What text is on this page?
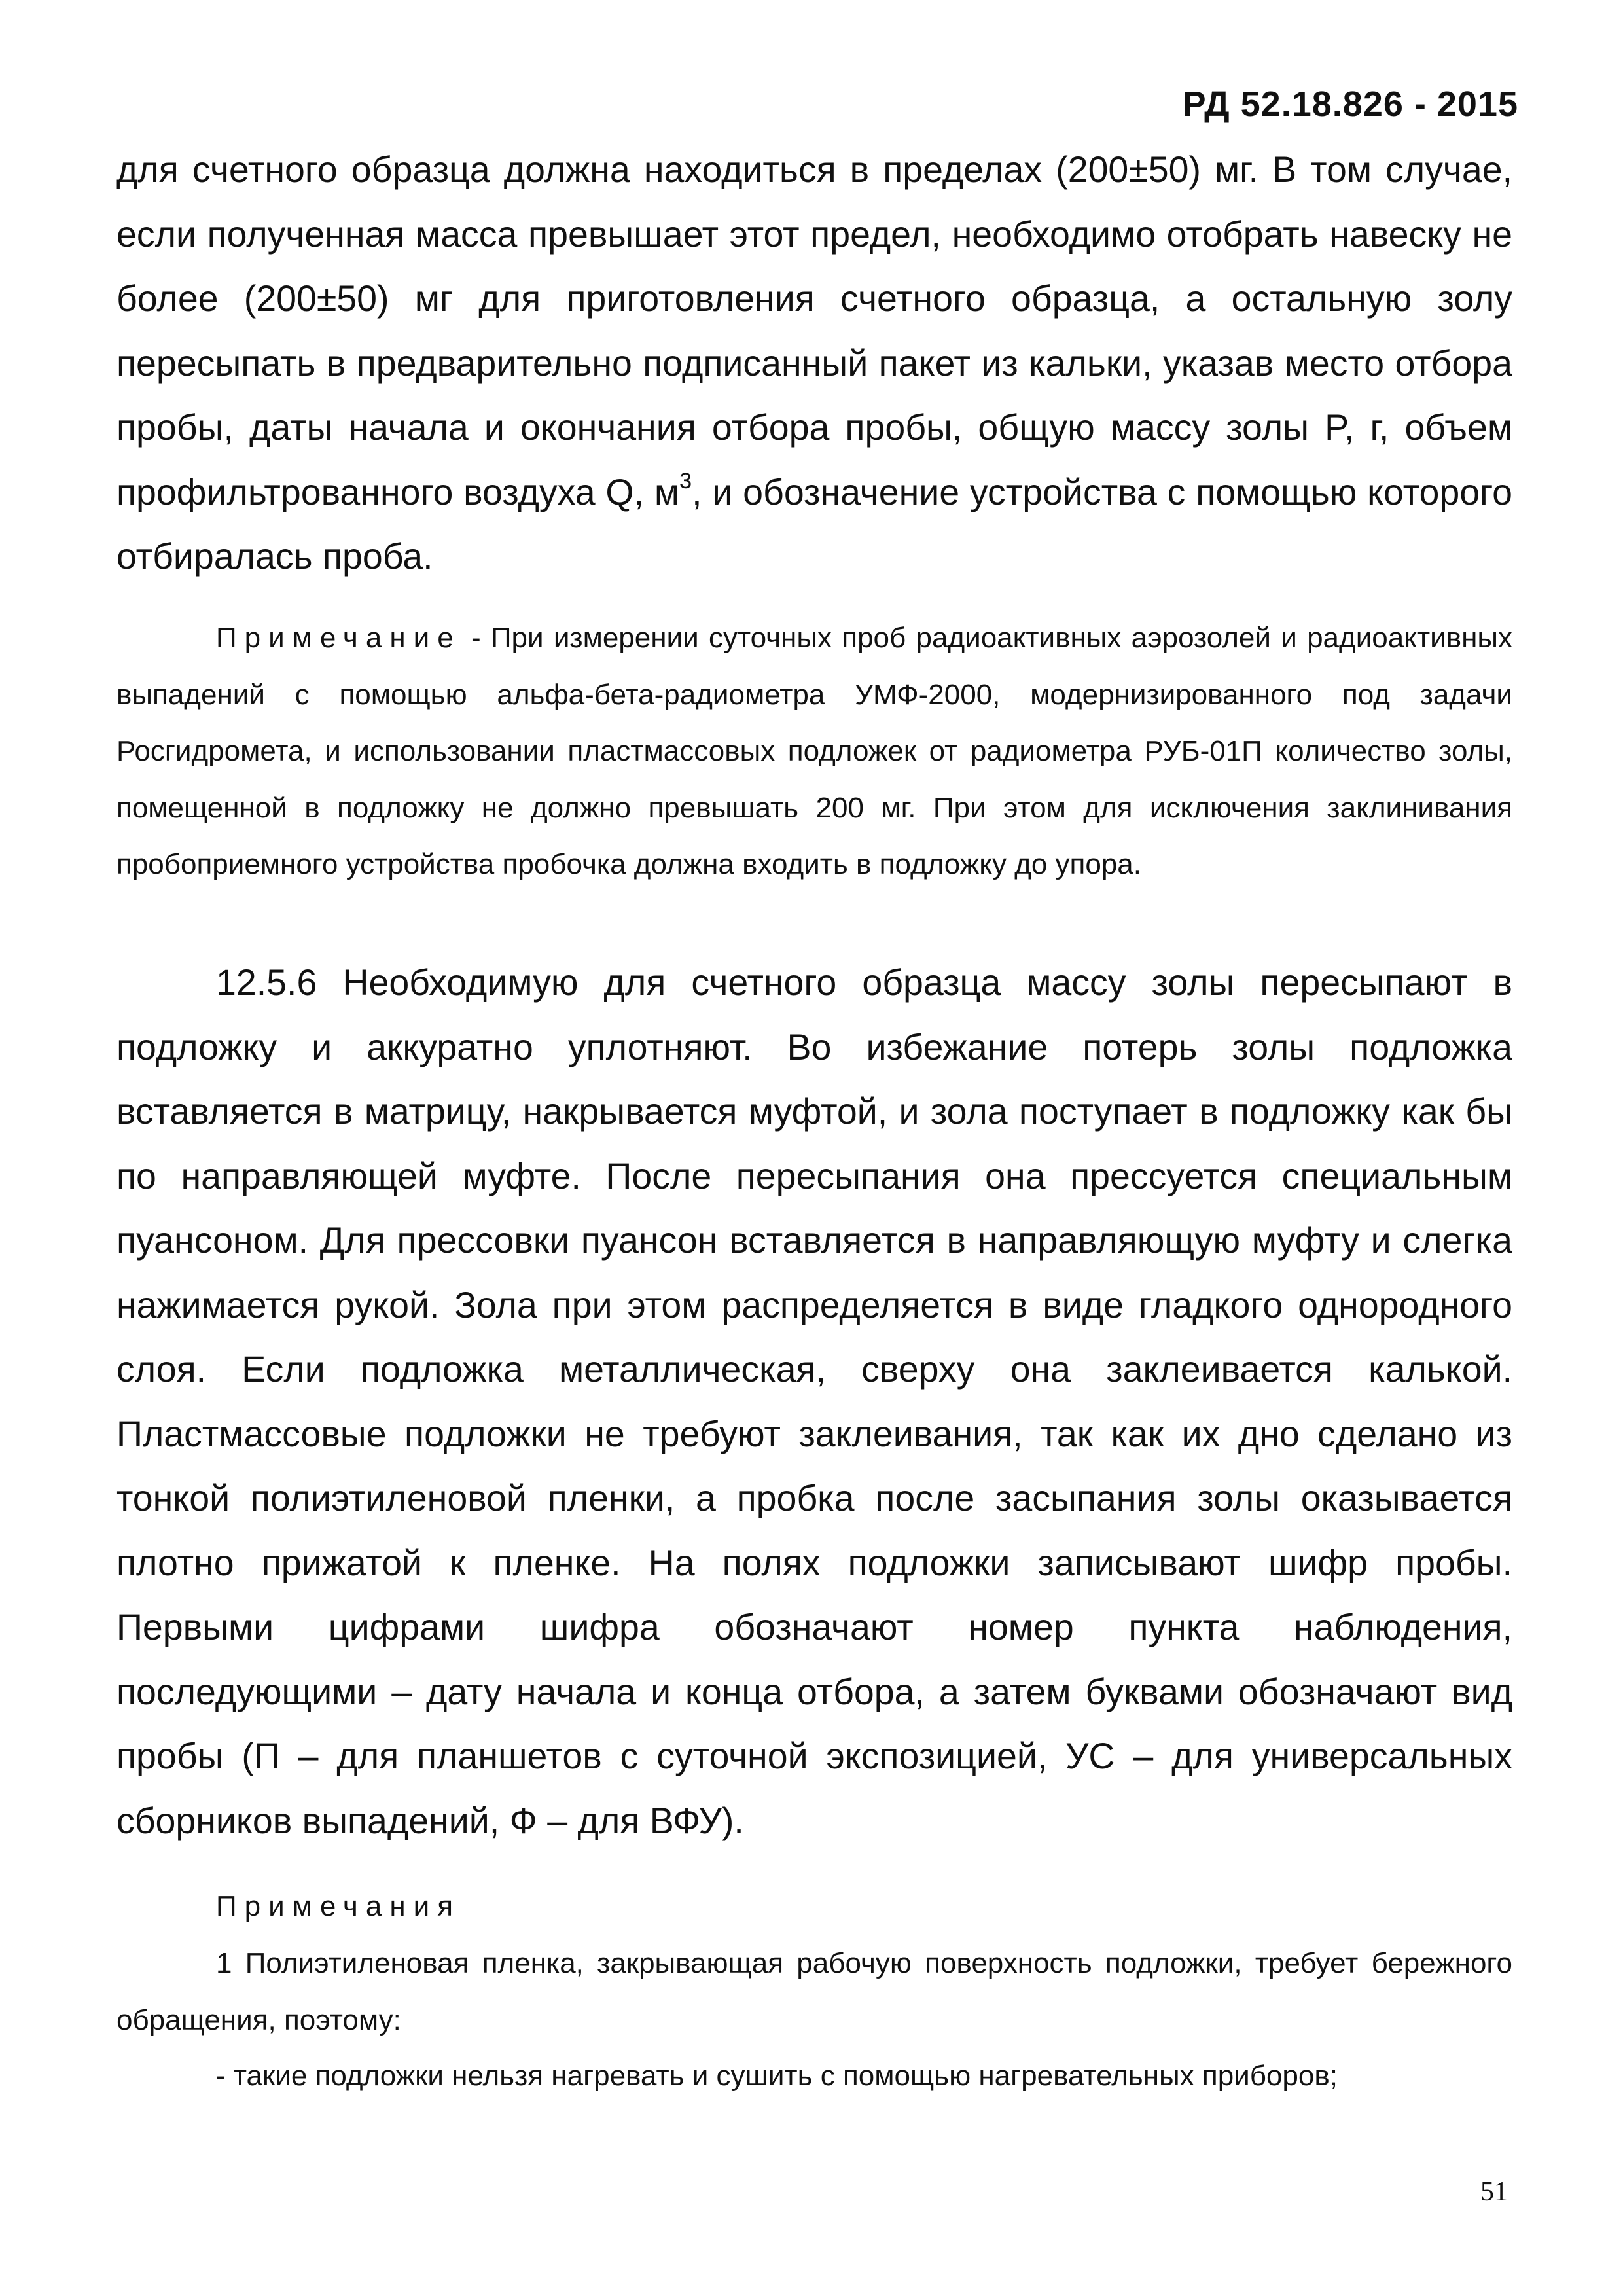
РД 52.18.826 - 2015

для счетного образца должна находиться в пределах (200±50) мг. В том случае, если полученная масса превышает этот предел, необходимо отобрать навеску не более (200±50) мг для приготовления счетного образца, а остальную золу пересыпать в предварительно подписанный пакет из кальки, указав место отбора пробы, даты начала и окончания отбора пробы, общую массу золы P, г, объем профильтрованного воздуха Q, $м^3$, и обозначение устройства с помощью которого отбиралась проба.

Примечание - При измерении суточных проб радиоактивных аэрозолей и радиоактивных выпадений с помощью альфа-бета-радиометра УМФ-2000, модернизированного под задачи Росгидромета, и использовании пластмассовых подложек от радиометра РУБ-01П количество золы, помещенной в подложку не должно превышать 200 мг. При этом для исключения заклинивания пробоприемного устройства пробочка должна входить в подложку до упора.

12.5.6 Необходимую для счетного образца массу золы пересыпают в подложку и аккуратно уплотняют. Во избежание потерь золы подложка вставляется в матрицу, накрывается муфтой, и зола поступает в подложку как бы по направляющей муфте. После пересыпания она прессуется специальным пуансоном. Для прессовки пуансон вставляется в направляющую муфту и слегка нажимается рукой. Зола при этом распределяется в виде гладкого однородного слоя. Если подложка металлическая, сверху она заклеивается калькой. Пластмассовые подложки не требуют заклеивания, так как их дно сделано из тонкой полиэтиленовой пленки, а пробка после засыпания золы оказывается плотно прижатой к пленке. На полях подложки записывают шифр пробы. Первыми цифрами шифра обозначают номер пункта наблюдения, последующими – дату начала и конца отбора, а затем буквами обозначают вид пробы (П – для планшетов с суточной экспозицией, УС – для универсальных сборников выпадений, Ф – для ВФУ).

Примечания

1 Полиэтиленовая пленка, закрывающая рабочую поверхность подложки, требует бережного обращения, поэтому:

- такие подложки нельзя нагревать и сушить с помощью нагревательных приборов;
51
